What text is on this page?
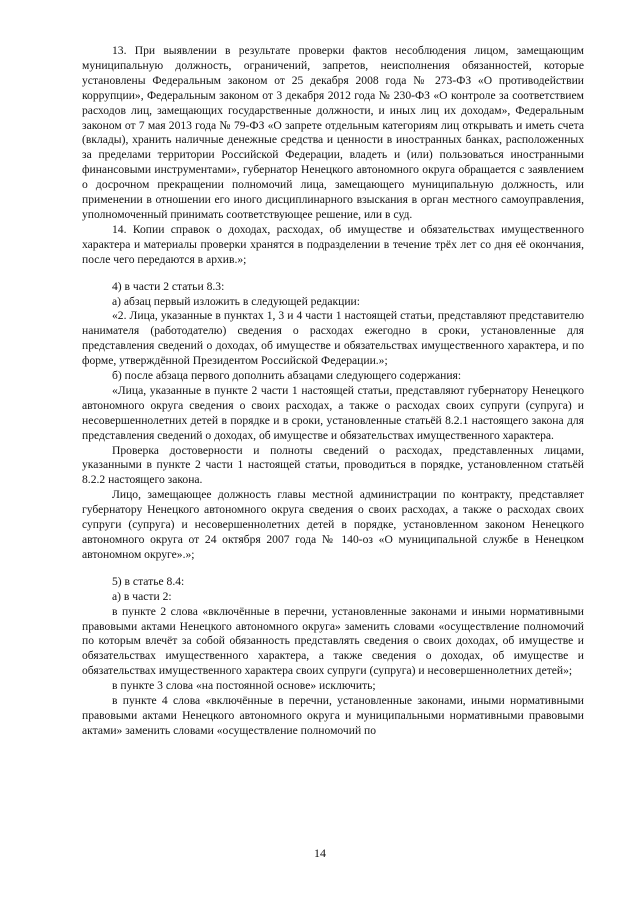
13. При выявлении в результате проверки фактов несоблюдения лицом, замещающим муниципальную должность, ограничений, запретов, неисполнения обязанностей, которые установлены Федеральным законом от 25 декабря 2008 года № 273-ФЗ «О противодействии коррупции», Федеральным законом от 3 декабря 2012 года № 230-ФЗ «О контроле за соответствием расходов лиц, замещающих государственные должности, и иных лиц их доходам», Федеральным законом от 7 мая 2013 года № 79-ФЗ «О запрете отдельным категориям лиц открывать и иметь счета (вклады), хранить наличные денежные средства и ценности в иностранных банках, расположенных за пределами территории Российской Федерации, владеть и (или) пользоваться иностранными финансовыми инструментами», губернатор Ненецкого автономного округа обращается с заявлением о досрочном прекращении полномочий лица, замещающего муниципальную должность, или применении в отношении его иного дисциплинарного взыскания в орган местного самоуправления, уполномоченный принимать соответствующее решение, или в суд.

14. Копии справок о доходах, расходах, об имуществе и обязательствах имущественного характера и материалы проверки хранятся в подразделении в течение трёх лет со дня её окончания, после чего передаются в архив.»;

4) в части 2 статьи 8.3:

а) абзац первый изложить в следующей редакции:

«2. Лица, указанные в пунктах 1, 3 и 4 части 1 настоящей статьи, представляют представителю нанимателя (работодателю) сведения о расходах ежегодно в сроки, установленные для представления сведений о доходах, об имуществе и обязательствах имущественного характера, и по форме, утверждённой Президентом Российской Федерации.»;

б) после абзаца первого дополнить абзацами следующего содержания:

«Лица, указанные в пункте 2 части 1 настоящей статьи, представляют губернатору Ненецкого автономного округа сведения о своих расходах, а также о расходах своих супруги (супруга) и несовершеннолетних детей в порядке и в сроки, установленные статьёй 8.2.1 настоящего закона для представления сведений о доходах, об имуществе и обязательствах имущественного характера.

Проверка достоверности и полноты сведений о расходах, представленных лицами, указанными в пункте 2 части 1 настоящей статьи, проводиться в порядке, установленном статьёй 8.2.2 настоящего закона.

Лицо, замещающее должность главы местной администрации по контракту, представляет губернатору Ненецкого автономного округа сведения о своих расходах, а также о расходах своих супруги (супруга) и несовершеннолетних детей в порядке, установленном законом Ненецкого автономного округа от 24 октября 2007 года № 140-оз «О муниципальной службе в Ненецком автономном округе».»;

5) в статье 8.4:

а) в части 2:

в пункте 2 слова «включённые в перечни, установленные законами и иными нормативными правовыми актами Ненецкого автономного округа» заменить словами «осуществление полномочий по которым влечёт за собой обязанность представлять сведения о своих доходах, об имуществе и обязательствах имущественного характера, а также сведения о доходах, об имуществе и обязательствах имущественного характера своих супруги (супруга) и несовершеннолетних детей»;

в пункте 3 слова «на постоянной основе» исключить;

в пункте 4 слова «включённые в перечни, установленные законами, иными нормативными правовыми актами Ненецкого автономного округа и муниципальными нормативными правовыми актами» заменить словами «осуществление полномочий по

14
